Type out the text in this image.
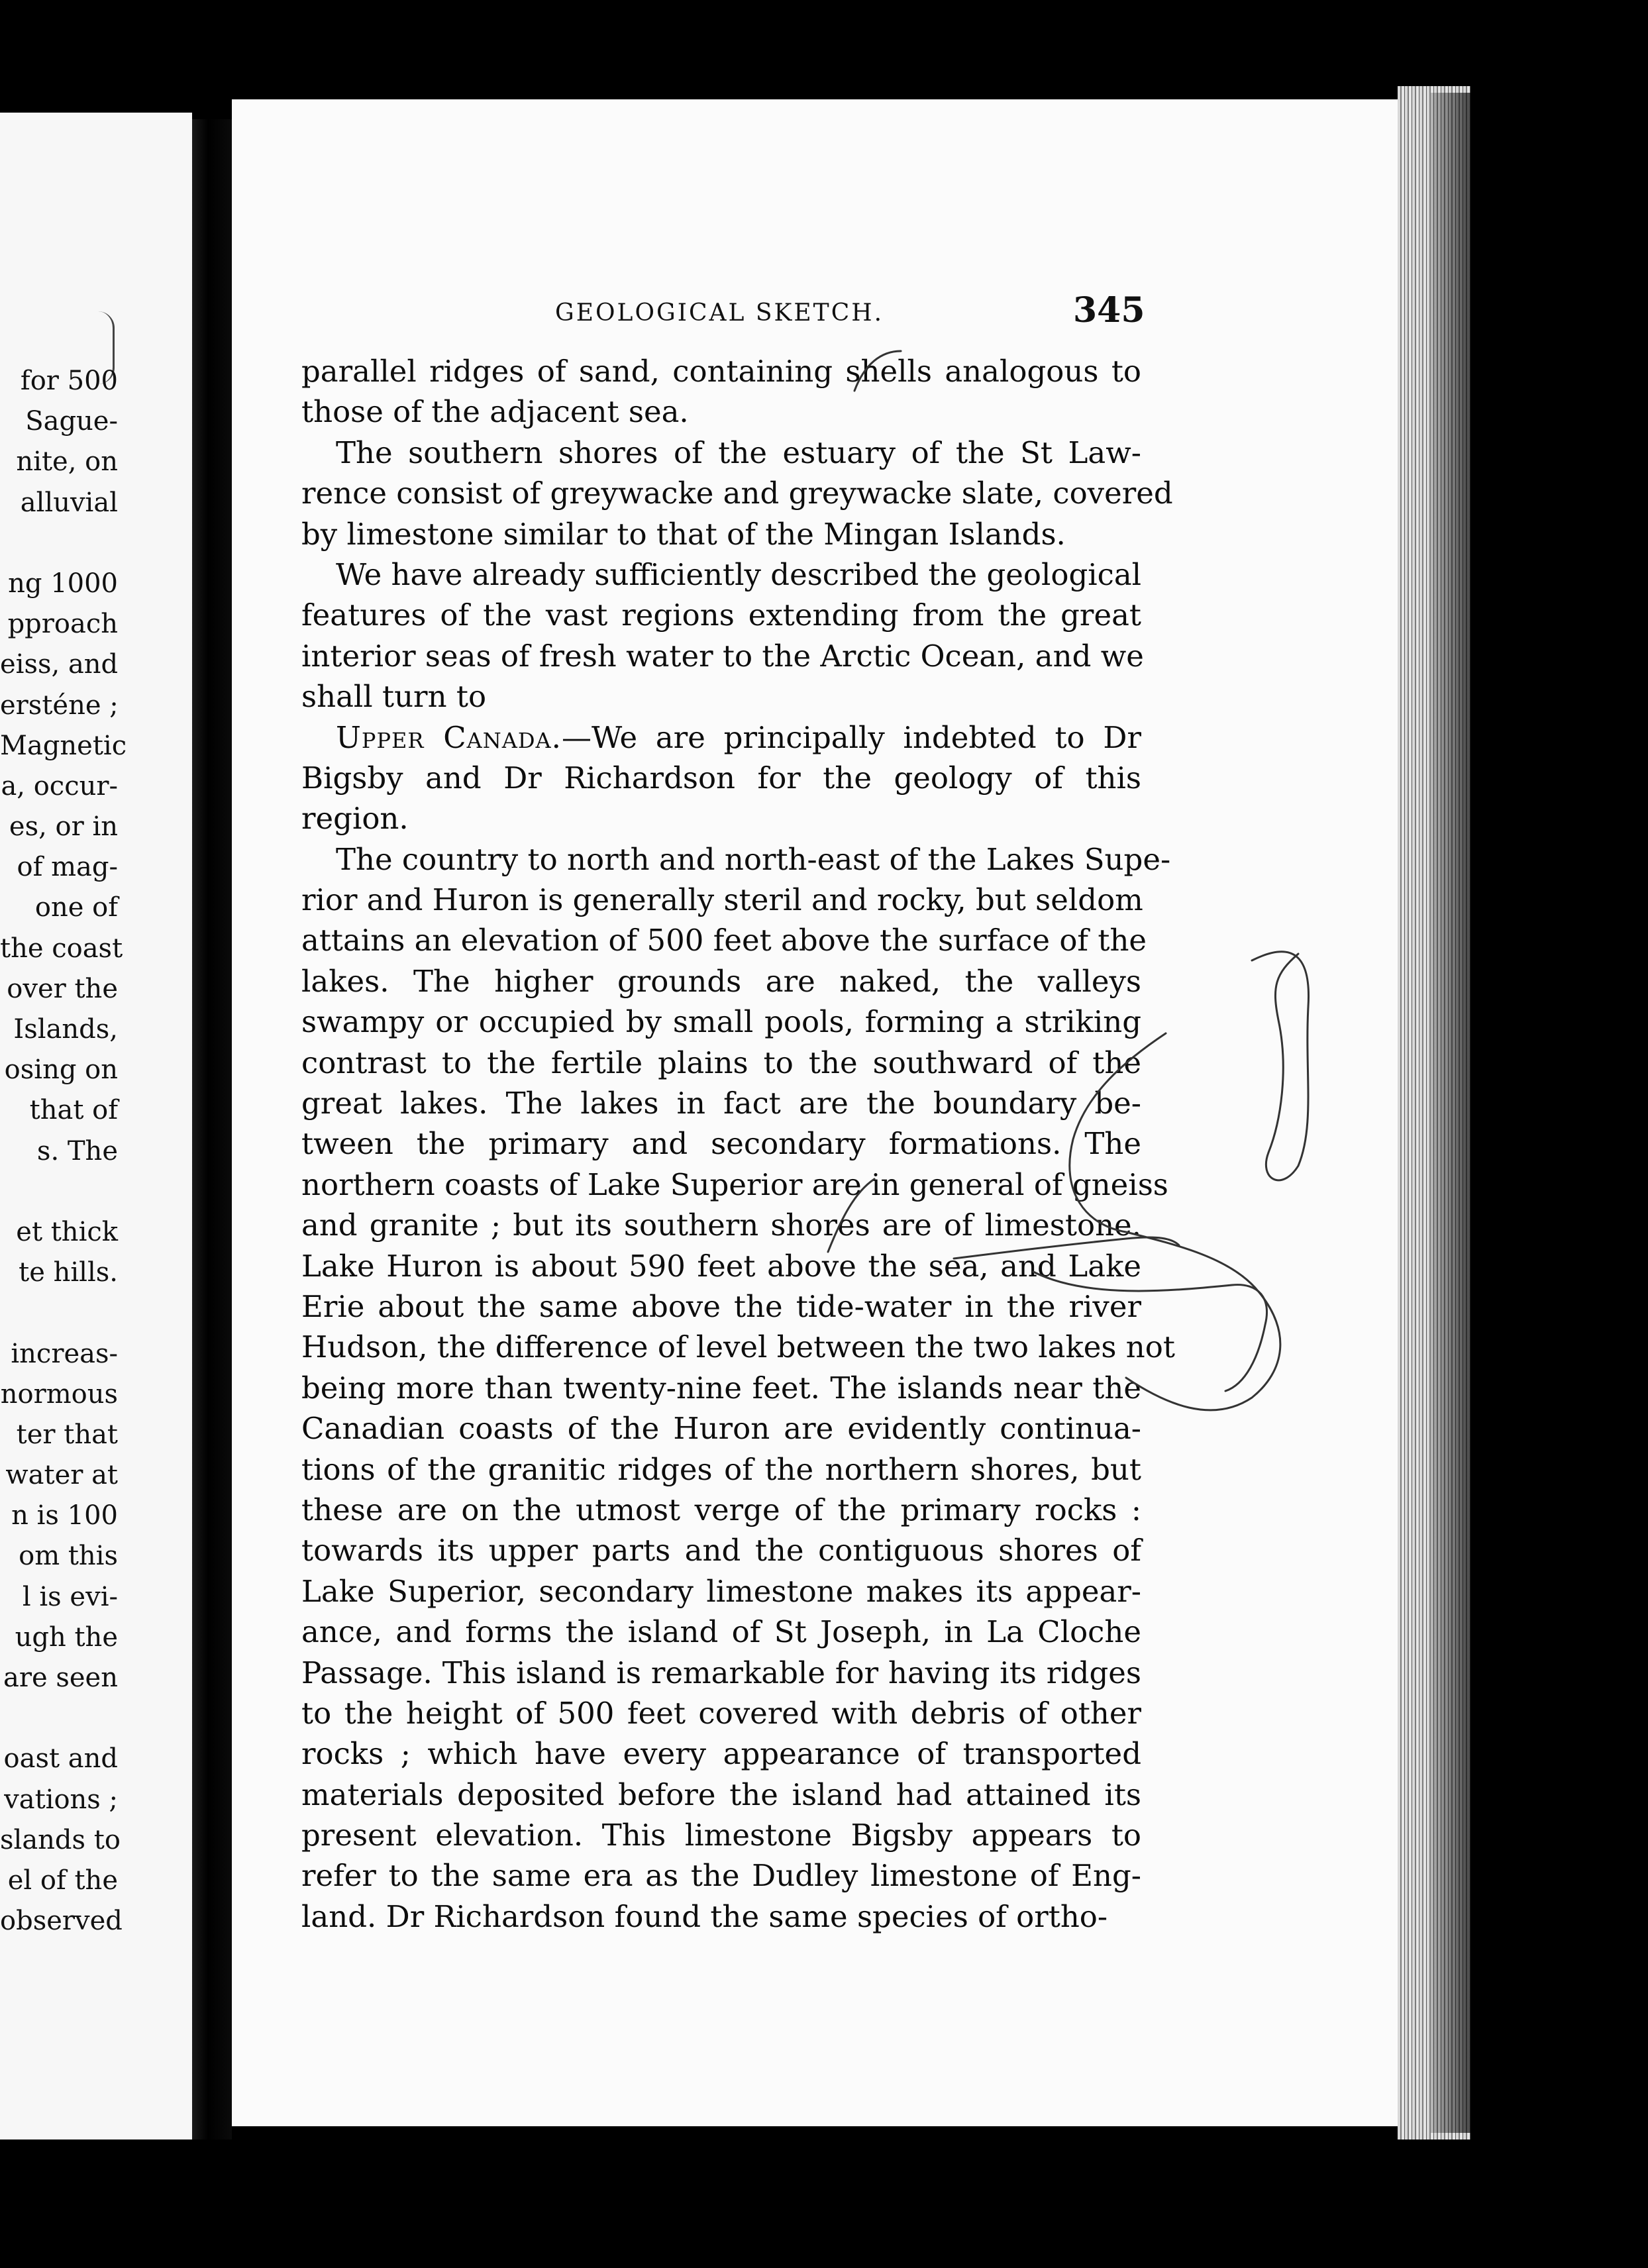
for 500
Sague-
nite, on
alluvial
ng 1000
pproach
eiss, and
ersténe ;
Magnetic
a, occur-
es, or in
of mag-
one of
the coast
over the
Islands,
osing on
that of
s. The
et thick
te hills.
increas-
normous
ter that
water at
n is 100
om this
l is evi-
ugh the
are seen
oast and
vations ;
slands to
el of the
observed
GEOLOGICAL SKETCH.	345
parallel ridges of sand, containing shells analogous to
those of the adjacent sea.
The southern shores of the estuary of the St Law-
rence consist of greywacke and greywacke slate, covered
by limestone similar to that of the Mingan Islands.
We have already sufficiently described the geological
features of the vast regions extending from the great
interior seas of fresh water to the Arctic Ocean, and we
shall turn to
Upper Canada.—We are principally indebted to Dr
Bigsby and Dr Richardson for the geology of this
region.
The country to north and north-east of the Lakes Supe-
rior and Huron is generally steril and rocky, but seldom
attains an elevation of 500 feet above the surface of the
lakes. The higher grounds are naked, the valleys
swampy or occupied by small pools, forming a striking
contrast to the fertile plains to the southward of the
great lakes. The lakes in fact are the boundary be-
tween the primary and secondary formations. The
northern coasts of Lake Superior are in general of gneiss
and granite ; but its southern shores are of limestone.
Lake Huron is about 590 feet above the sea, and Lake
Erie about the same above the tide-water in the river
Hudson, the difference of level between the two lakes not
being more than twenty-nine feet. The islands near the
Canadian coasts of the Huron are evidently continua-
tions of the granitic ridges of the northern shores, but
these are on the utmost verge of the primary rocks :
towards its upper parts and the contiguous shores of
Lake Superior, secondary limestone makes its appear-
ance, and forms the island of St Joseph, in La Cloche
Passage. This island is remarkable for having its ridges
to the height of 500 feet covered with debris of other
rocks ; which have every appearance of transported
materials deposited before the island had attained its
present elevation. This limestone Bigsby appears to
refer to the same era as the Dudley limestone of Eng-
land. Dr Richardson found the same species of ortho-
